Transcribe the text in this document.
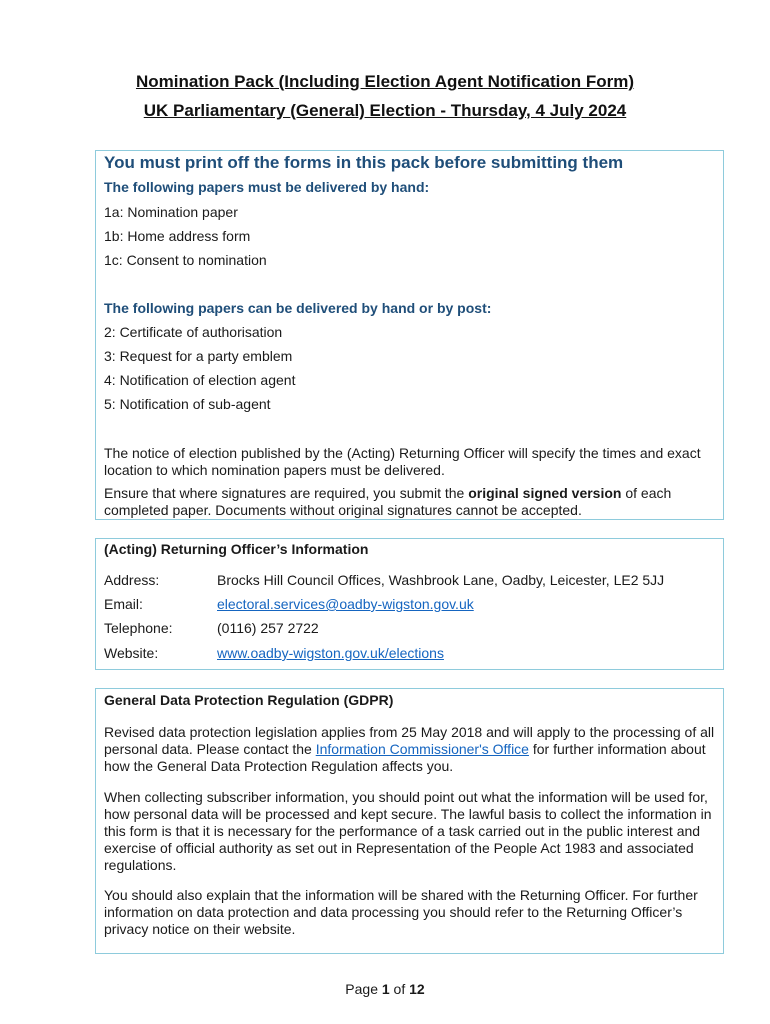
Nomination Pack (Including Election Agent Notification Form)
UK Parliamentary (General) Election - Thursday, 4 July 2024
You must print off the forms in this pack before submitting them
The following papers must be delivered by hand:
1a: Nomination paper
1b: Home address form
1c: Consent to nomination
The following papers can be delivered by hand or by post:
2: Certificate of authorisation
3: Request for a party emblem
4: Notification of election agent
5: Notification of sub-agent
The notice of election published by the (Acting) Returning Officer will specify the times and exact location to which nomination papers must be delivered.
Ensure that where signatures are required, you submit the original signed version of each completed paper. Documents without original signatures cannot be accepted.
(Acting) Returning Officer’s Information
Address:	Brocks Hill Council Offices, Washbrook Lane, Oadby, Leicester, LE2 5JJ
Email:	electoral.services@oadby-wigston.gov.uk
Telephone:	(0116) 257 2722
Website:	www.oadby-wigston.gov.uk/elections
General Data Protection Regulation (GDPR)
Revised data protection legislation applies from 25 May 2018 and will apply to the processing of all personal data. Please contact the Information Commissioner's Office for further information about how the General Data Protection Regulation affects you.
When collecting subscriber information, you should point out what the information will be used for, how personal data will be processed and kept secure. The lawful basis to collect the information in this form is that it is necessary for the performance of a task carried out in the public interest and exercise of official authority as set out in Representation of the People Act 1983 and associated regulations.
You should also explain that the information will be shared with the Returning Officer. For further information on data protection and data processing you should refer to the Returning Officer’s privacy notice on their website.
Page 1 of 12
